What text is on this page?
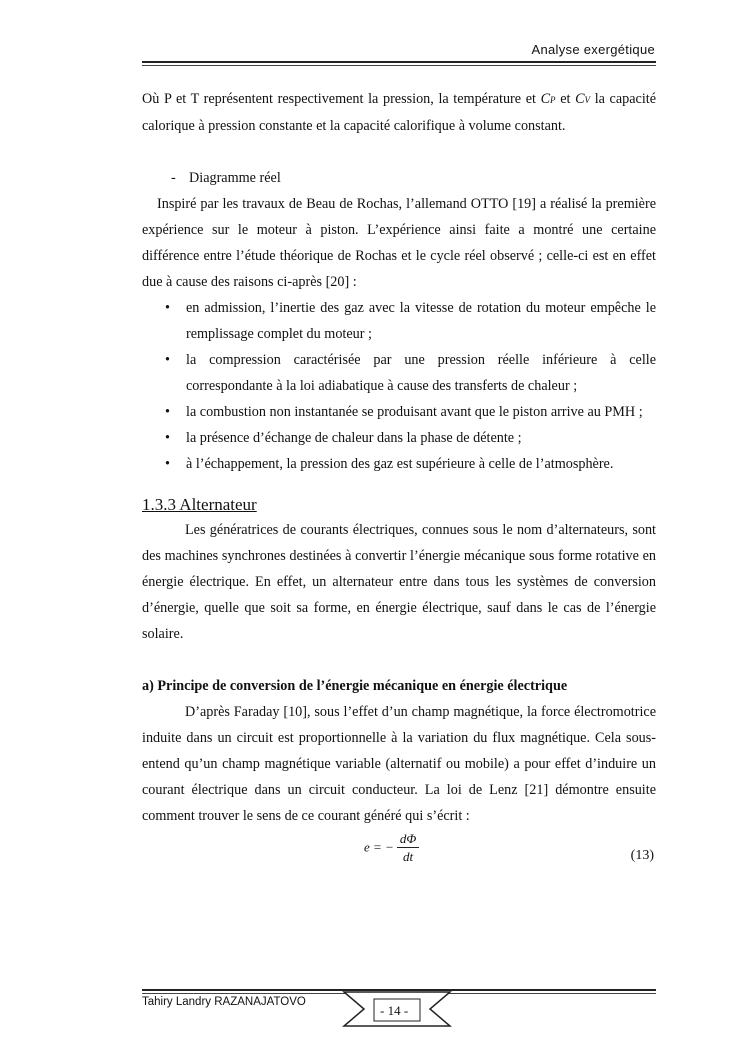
Analyse exergétique

Où P et T représentent respectivement la pression, la température et CP et CV la capacité calorique à pression constante et la capacité calorifique à volume constant.

- Diagramme réel

Inspiré par les travaux de Beau de Rochas, l’allemand OTTO [19] a réalisé la première expérience sur le moteur à piston. L’expérience ainsi faite a montré une certaine différence entre l’étude théorique de Rochas et le cycle réel observé ; celle-ci est en effet due à cause des raisons ci-après [20] :

• en admission, l’inertie des gaz avec la vitesse de rotation du moteur empêche le remplissage complet du moteur ;
• la compression caractérisée par une pression réelle inférieure à celle correspondante à la loi adiabatique à cause des transferts de chaleur ;
• la combustion non instantanée se produisant avant que le piston arrive au PMH ;
• la présence d’échange de chaleur dans la phase de détente ;
• à l’échappement, la pression des gaz est supérieure à celle de l’atmosphère.
1.3.3 Alternateur

Les génératrices de courants électriques, connues sous le nom d’alternateurs, sont des machines synchrones destinées à convertir l’énergie mécanique sous forme rotative en énergie électrique. En effet, un alternateur entre dans tous les systèmes de conversion d’énergie, quelle que soit sa forme, en énergie électrique, sauf dans le cas de l’énergie solaire.

a) Principe de conversion de l’énergie mécanique en énergie électrique

D’après Faraday [10], sous l’effet d’un champ magnétique, la force électromotrice induite dans un circuit est proportionnelle à la variation du flux magnétique. Cela sous-entend qu’un champ magnétique variable (alternatif ou mobile) a pour effet d’induire un courant électrique dans un circuit conducteur. La loi de Lenz [21] démontre ensuite comment trouver le sens de ce courant généré qui s’écrit :

e = − $\frac{d\Phi}{dt}$	(13)
Tahiry Landry RAZANAJATOVO
- 14 -
